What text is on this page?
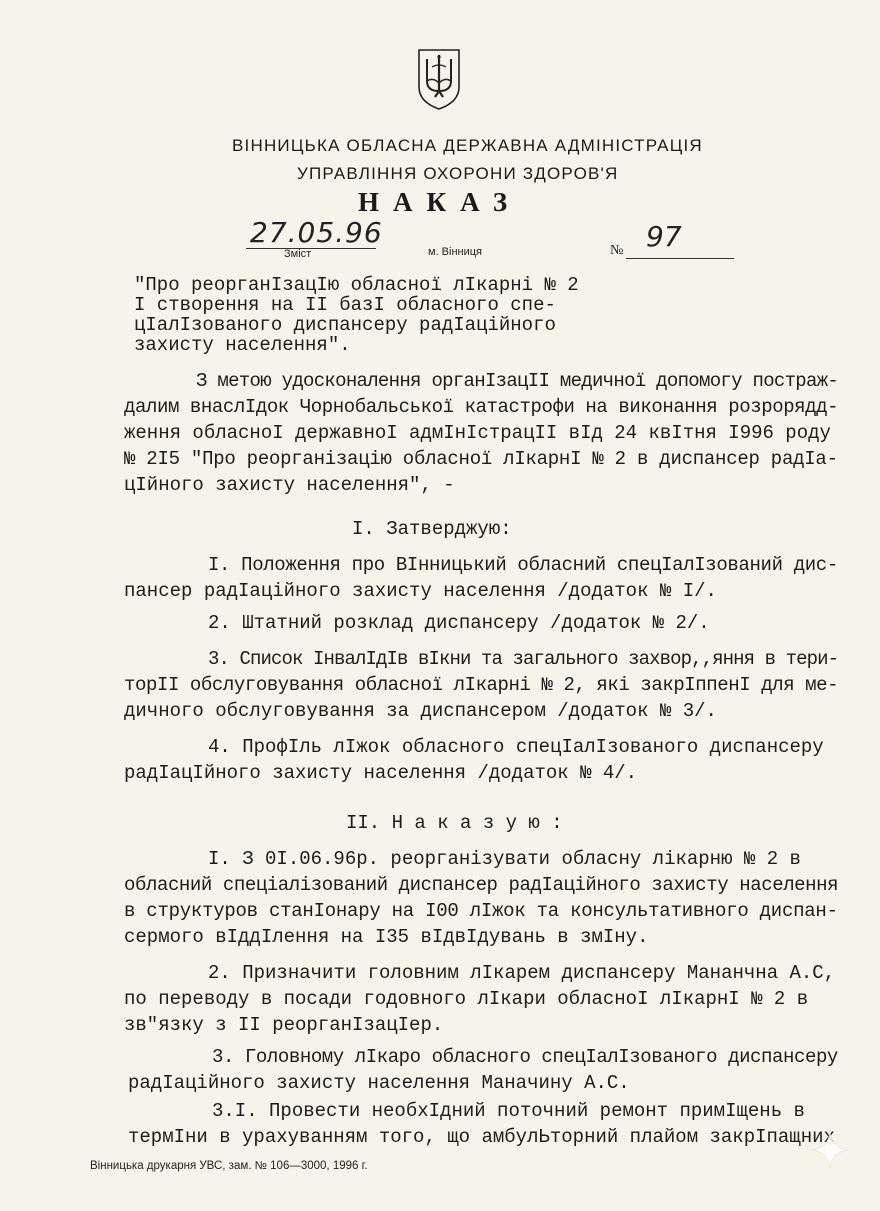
ВІННИЦЬКА ОБЛАСНА ДЕРЖАВНА АДМІНІСТРАЦІЯ
УПРАВЛІННЯ ОХОРОНИ ЗДОРОВ'Я
НАКАЗ
27.05.96
Зміст	м. Вінниця	№ 97
"Про реорганIзацIю обласноï лIкарнi № 2
I створення на II базI обласного спе-
цIалIзованого диспансеру радIацiйного
захисту населення".
З метою удосконалення органIзацII медичноï допомогу постраж-
далим внаслIдок Чорнобальськоï катастрофи на виконання розрорядд-
ження обласноI державноI адмIнIстрацII вIд 24 квIтня I996 роду
№ 2I5 "Про реорганiзацiю обласноï лIкарнI № 2 в диспансер радIа-
цIйного захисту населення", -
I. Затверджую:
I. Положення про ВIнницький обласний спецIалIзований дис-
пансер радIацiйного захисту населення /додаток № I/.
2. Штатний розклад диспансеру /додаток № 2/.
3. Список IнвалIдIв вIкни та загального захвор,,яння в тери-
торII обслуговування обласноï лIкарнi № 2, якi закрIппенI для ме-
дичного обслуговування за диспансером /додаток № 3/.
4. ПрофIль лIжок обласного спецIалIзованого диспансеру
радIацIйного захисту населення /додаток № 4/.
II. Н а к а з у ю :
I. З 0I.06.96р. реорганiзувати обласну лiкарню № 2 в
обласний спецiалiзований диспансер радIацiйного захисту населення
в структуров станIонару на I00 лIжок та консультативного диспан-
сермого вIддIлення на I35 вIдвIдувань в змIну.
2. Призначити головним лIкарем диспансеру Мананчна А.С,
по переводу в посади годовного лIкари обласноI лIкарнI № 2 в
зв"язку з II реорганIзацIер.
3. Головному лIкаро обласного спецIалIзованого диспансеру
радIацiйного захисту населення Маначину А.С.
3.I. Провести необхIдний поточний ремонт примIщень в
термIни в урахуванням того, що амбулЬторний плайом закрIпащних
Вінницька друкарня УВС, зам. № 106—3000, 1996 г.
